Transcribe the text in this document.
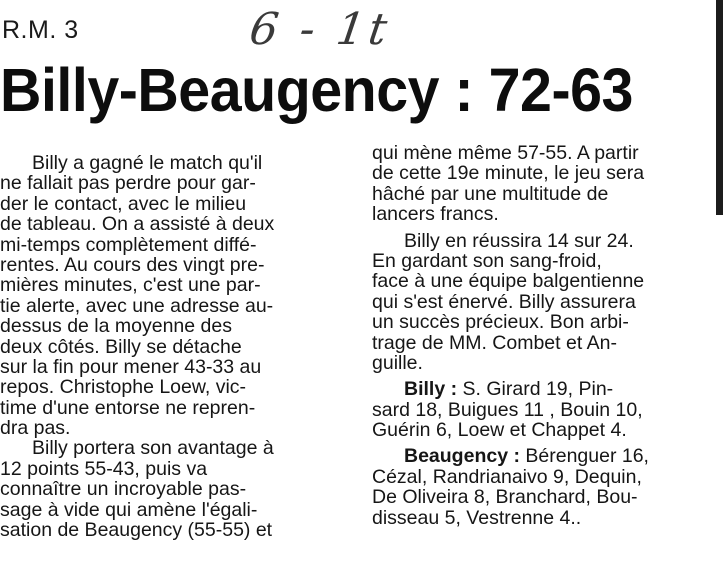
R.M. 3	6 - 1t
Billy-Beaugency : 72-63
Billy a gagné le match qu'il
ne fallait pas perdre pour gar-
der le contact, avec le milieu
de tableau. On a assisté à deux
mi-temps complètement diffé-
rentes. Au cours des vingt pre-
mières minutes, c'est une par-
tie alerte, avec une adresse au-
dessus de la moyenne des
deux côtés. Billy se détache
sur la fin pour mener 43-33 au
repos. Christophe Loew, vic-
time d'une entorse ne repren-
dra pas.
Billy portera son avantage à
12 points 55-43, puis va
connaître un incroyable pas-
sage à vide qui amène l'égali-
sation de Beaugency (55-55) et
qui mène même 57-55. A partir
de cette 19e minute, le jeu sera
hâché par une multitude de
lancers francs.
Billy en réussira 14 sur 24.
En gardant son sang-froid,
face à une équipe balgentienne
qui s'est énervé. Billy assurera
un succès précieux. Bon arbi-
trage de MM. Combet et An-
guille.
Billy : S. Girard 19, Pin-
sard 18, Buigues 11 , Bouin 10,
Guérin 6, Loew et Chappet 4.
Beaugency : Bérenguer 16,
Cézal, Randrianaivo 9, Dequin,
De Oliveira 8, Branchard, Bou-
disseau 5, Vestrenne 4..
